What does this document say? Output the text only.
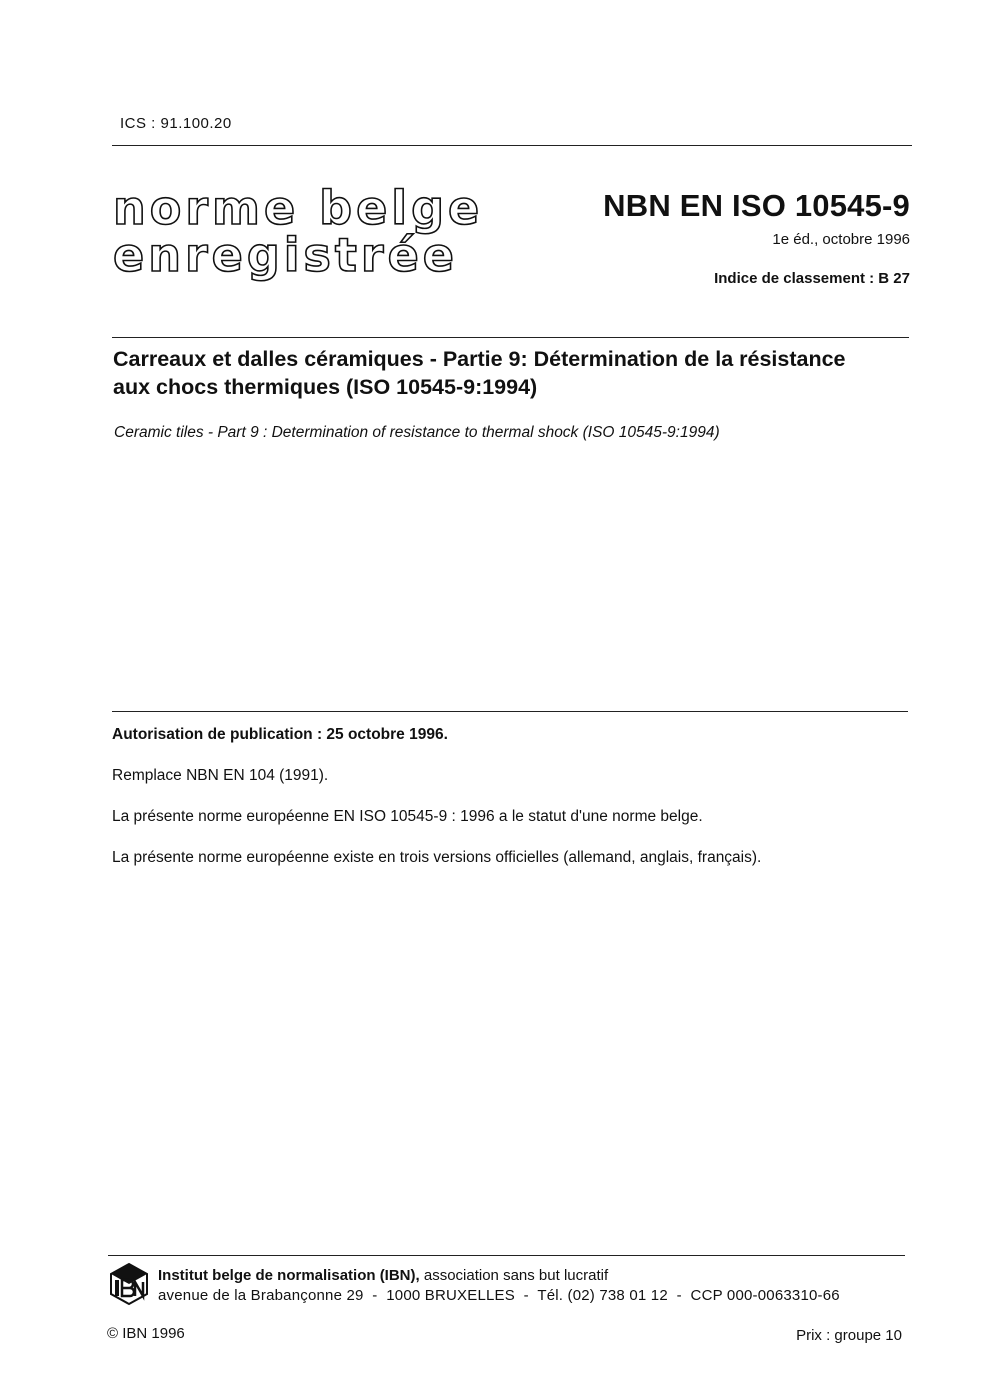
ICS : 91.100.20
norme belge
enregistrée
NBN EN ISO 10545-9
1e éd., octobre 1996
Indice de classement : B 27
Carreaux et dalles céramiques - Partie 9: Détermination de la résistance
aux chocs thermiques (ISO 10545-9:1994)
Ceramic tiles - Part 9 : Determination of resistance to thermal shock (ISO 10545-9:1994)
Autorisation de publication : 25 octobre 1996.
Remplace NBN EN 104 (1991).
La présente norme européenne EN ISO 10545-9 : 1996 a le statut d'une norme belge.
La présente norme européenne existe en trois versions officielles (allemand, anglais, français).
Institut belge de normalisation (IBN), association sans but lucratif
avenue de la Brabançonne 29  -  1000 BRUXELLES  -  Tél. (02) 738 01 12  -  CCP 000-0063310-66
© IBN 1996	Prix : groupe 10
